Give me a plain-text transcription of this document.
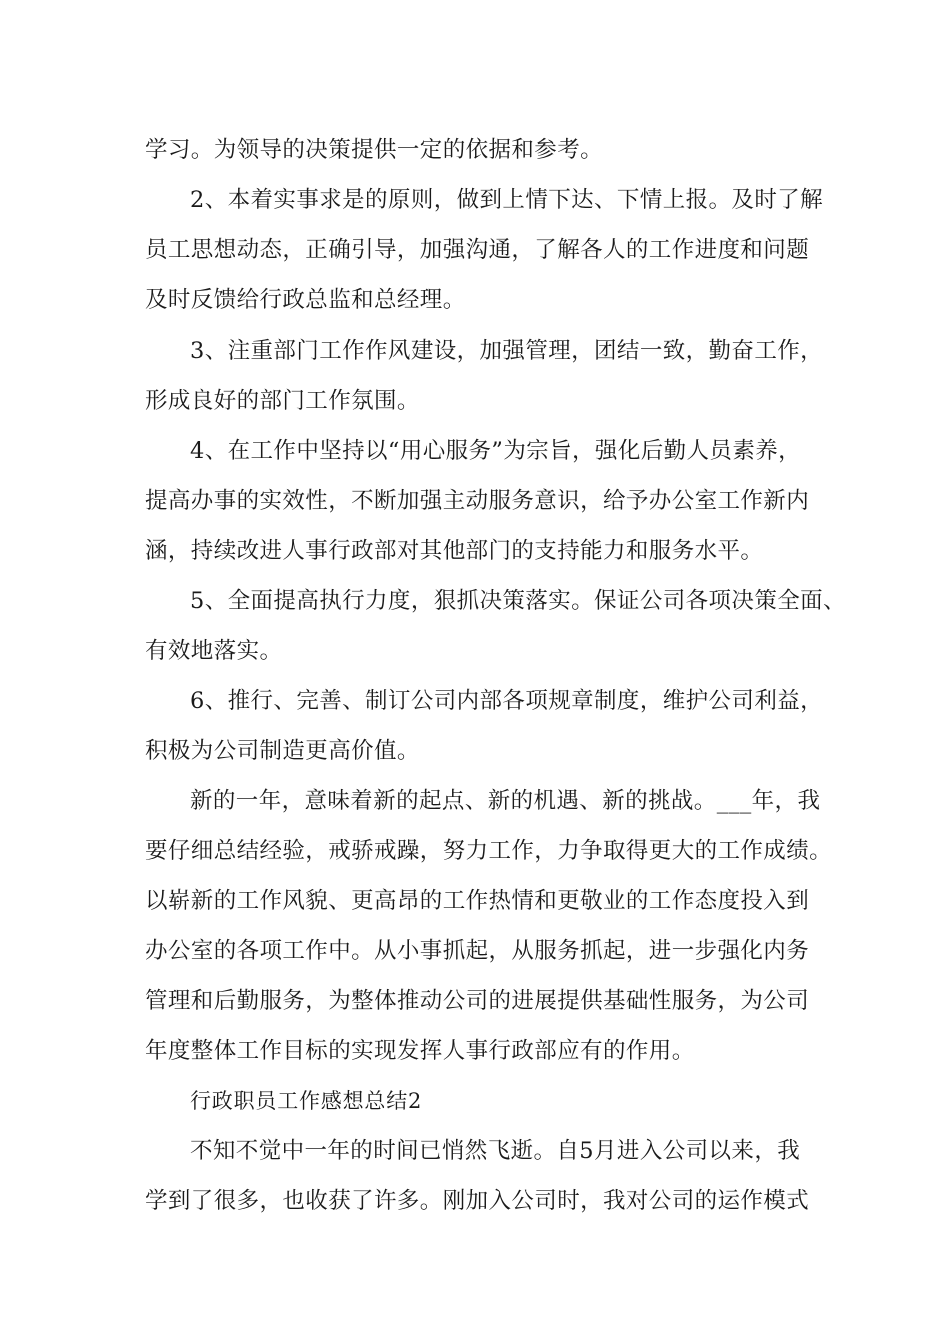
学习。为领导的决策提供一定的依据和参考。
2、本着实事求是的原则，做到上情下达、下情上报。及时了解
员工思想动态，正确引导，加强沟通，了解各人的工作进度和问题
及时反馈给行政总监和总经理。
3、注重部门工作作风建设，加强管理，团结一致，勤奋工作，
形成良好的部门工作氛围。
4、在工作中坚持以“用心服务”为宗旨，强化后勤人员素养，
提高办事的实效性，不断加强主动服务意识，给予办公室工作新内
涵，持续改进人事行政部对其他部门的支持能力和服务水平。
5、全面提高执行力度，狠抓决策落实。保证公司各项决策全面、
有效地落实。
6、推行、完善、制订公司内部各项规章制度，维护公司利益，
积极为公司制造更高价值。
新的一年，意味着新的起点、新的机遇、新的挑战。___年，我
要仔细总结经验，戒骄戒躁，努力工作，力争取得更大的工作成绩。
以崭新的工作风貌、更高昂的工作热情和更敬业的工作态度投入到
办公室的各项工作中。从小事抓起，从服务抓起，进一步强化内务
管理和后勤服务，为整体推动公司的进展提供基础性服务，为公司
年度整体工作目标的实现发挥人事行政部应有的作用。
行政职员工作感想总结2
不知不觉中一年的时间已悄然飞逝。自5月进入公司以来，我
学到了很多，也收获了许多。刚加入公司时，我对公司的运作模式
